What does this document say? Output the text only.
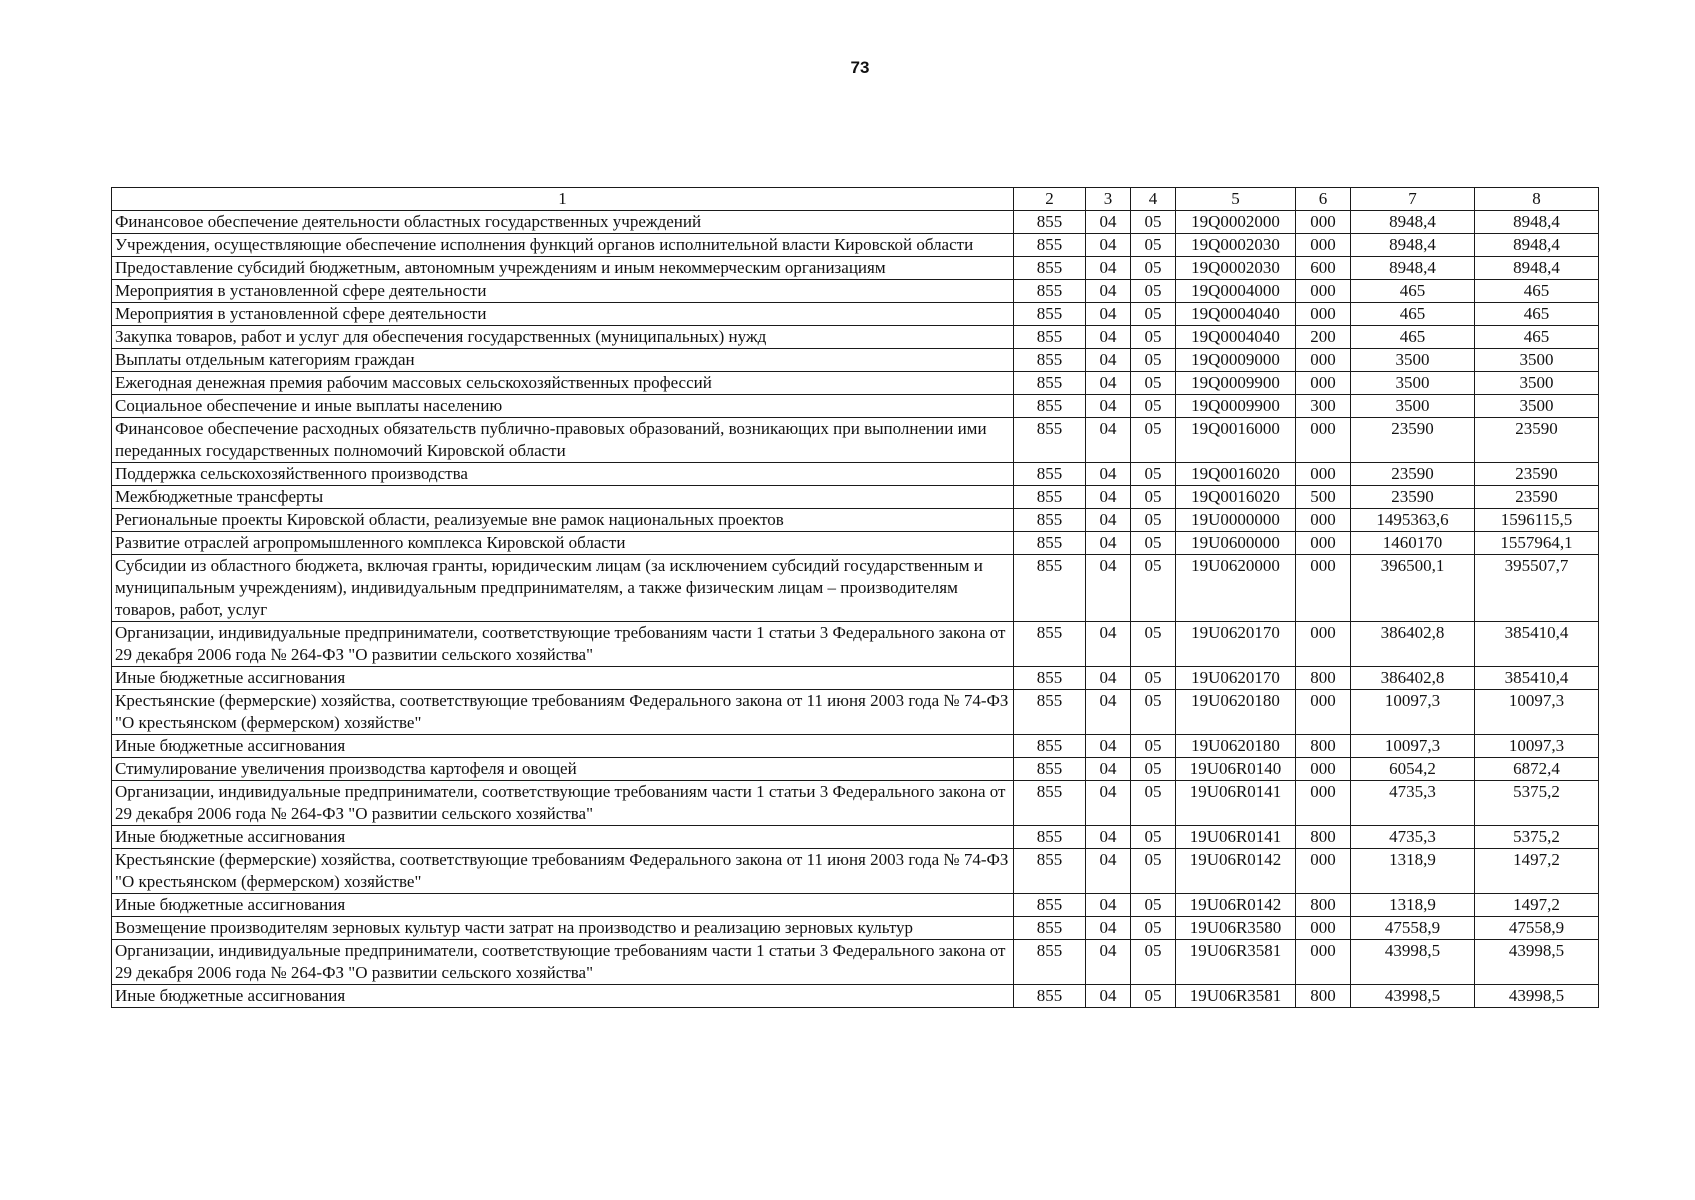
73
1	2	3	4	5	6	7	8
Финансовое обеспечение деятельности областных государственных учреждений	855	04	05	19Q0002000	000	8948,4	8948,4
Учреждения, осуществляющие обеспечение исполнения функций органов исполнительной власти Кировской области	855	04	05	19Q0002030	000	8948,4	8948,4
Предоставление субсидий бюджетным, автономным учреждениям и иным некоммерческим организациям	855	04	05	19Q0002030	600	8948,4	8948,4
Мероприятия в установленной сфере деятельности	855	04	05	19Q0004000	000	465	465
Мероприятия в установленной сфере деятельности	855	04	05	19Q0004040	000	465	465
Закупка товаров, работ и услуг для обеспечения государственных (муниципальных) нужд	855	04	05	19Q0004040	200	465	465
Выплаты отдельным категориям граждан	855	04	05	19Q0009000	000	3500	3500
Ежегодная денежная премия рабочим массовых сельскохозяйственных профессий	855	04	05	19Q0009900	000	3500	3500
Социальное обеспечение и иные выплаты населению	855	04	05	19Q0009900	300	3500	3500
Финансовое обеспечение расходных обязательств публично-правовых образований, возникающих при выполнении ими переданных государственных полномочий Кировской области	855	04	05	19Q0016000	000	23590	23590
Поддержка сельскохозяйственного производства	855	04	05	19Q0016020	000	23590	23590
Межбюджетные трансферты	855	04	05	19Q0016020	500	23590	23590
Региональные проекты Кировской области, реализуемые вне рамок национальных проектов	855	04	05	19U0000000	000	1495363,6	1596115,5
Развитие отраслей агропромышленного комплекса Кировской области	855	04	05	19U0600000	000	1460170	1557964,1
Субсидии из областного бюджета, включая гранты, юридическим лицам (за исключением субсидий государственным и муниципальным учреждениям), индивидуальным предпринимателям, а также физическим лицам – производителям товаров, работ, услуг	855	04	05	19U0620000	000	396500,1	395507,7
Организации, индивидуальные предприниматели, соответствующие требованиям части 1 статьи 3 Федерального закона от 29 декабря 2006 года № 264-ФЗ "О развитии сельского хозяйства"	855	04	05	19U0620170	000	386402,8	385410,4
Иные бюджетные ассигнования	855	04	05	19U0620170	800	386402,8	385410,4
Крестьянские (фермерские) хозяйства, соответствующие требованиям Федерального закона от 11 июня 2003 года № 74-ФЗ "О крестьянском (фермерском) хозяйстве"	855	04	05	19U0620180	000	10097,3	10097,3
Иные бюджетные ассигнования	855	04	05	19U0620180	800	10097,3	10097,3
Стимулирование увеличения производства картофеля и овощей	855	04	05	19U06R0140	000	6054,2	6872,4
Организации, индивидуальные предприниматели, соответствующие требованиям части 1 статьи 3 Федерального закона от 29 декабря 2006 года № 264-ФЗ "О развитии сельского хозяйства"	855	04	05	19U06R0141	000	4735,3	5375,2
Иные бюджетные ассигнования	855	04	05	19U06R0141	800	4735,3	5375,2
Крестьянские (фермерские) хозяйства, соответствующие требованиям Федерального закона от 11 июня 2003 года № 74-ФЗ "О крестьянском (фермерском) хозяйстве"	855	04	05	19U06R0142	000	1318,9	1497,2
Иные бюджетные ассигнования	855	04	05	19U06R0142	800	1318,9	1497,2
Возмещение производителям зерновых культур части затрат на производство и реализацию зерновых культур	855	04	05	19U06R3580	000	47558,9	47558,9
Организации, индивидуальные предприниматели, соответствующие требованиям части 1 статьи 3 Федерального закона от 29 декабря 2006 года № 264-ФЗ "О развитии сельского хозяйства"	855	04	05	19U06R3581	000	43998,5	43998,5
Иные бюджетные ассигнования	855	04	05	19U06R3581	800	43998,5	43998,5
